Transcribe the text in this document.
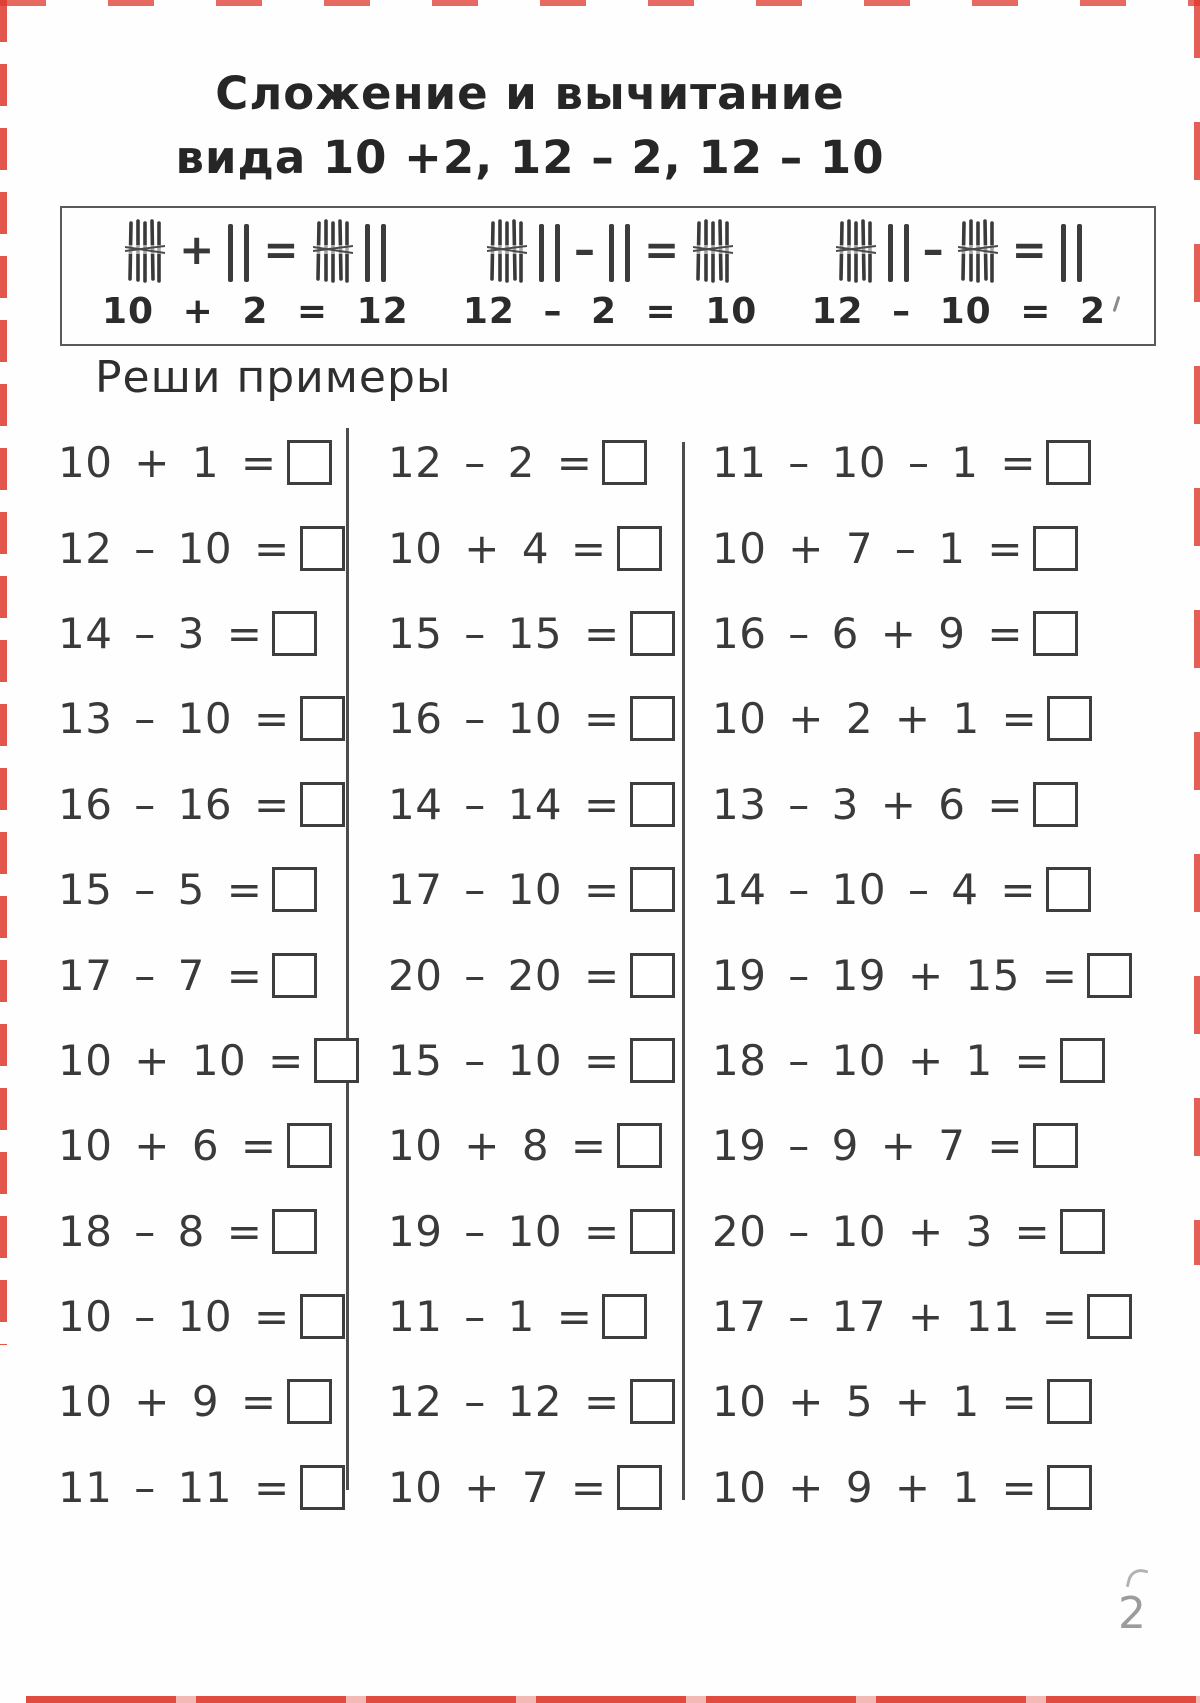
Сложение и вычитание
вида 10 +2, 12 – 2, 12 – 10
+ =
10 + 2 = 12
– =
12 – 2 = 10
– =
12 – 10 = 2
Реши примеры
10 + 1 =
12 – 10 =
14 – 3 =
13 – 10 =
16 – 16 =
15 – 5 =
17 – 7 =
10 + 10 =
10 + 6 =
18 – 8 =
10 – 10 =
10 + 9 =
11 – 11 =
12 – 2 =
10 + 4 =
15 – 15 =
16 – 10 =
14 – 14 =
17 – 10 =
20 – 20 =
15 – 10 =
10 + 8 =
19 – 10 =
11 – 1 =
12 – 12 =
10 + 7 =
11 – 10 – 1 =
10 + 7 – 1 =
16 – 6 + 9 =
10 + 2 + 1 =
13 – 3 + 6 =
14 – 10 – 4 =
19 – 19 + 15 =
18 – 10 + 1 =
19 – 9 + 7 =
20 – 10 + 3 =
17 – 17 + 11 =
10 + 5 + 1 =
10 + 9 + 1 =
2
